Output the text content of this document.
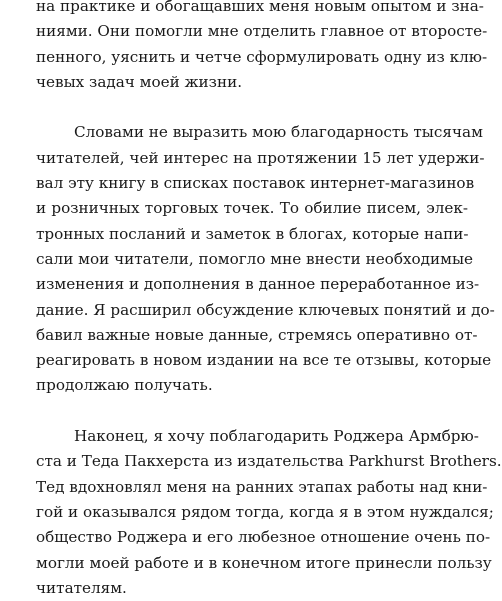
на практике и обогащавших меня новым опытом и зна-
ниями. Они помогли мне отделить главное от второсте-
пенного, уяснить и четче сформулировать одну из клю-
чевых задач моей жизни.
Словами не выразить мою благодарность тысячам
читателей, чей интерес на протяжении 15 лет удержи-
вал эту книгу в списках поставок интернет-магазинов
и розничных торговых точек. То обилие писем, элек-
тронных посланий и заметок в блогах, которые напи-
сали мои читатели, помогло мне внести необходимые
изменения и дополнения в данное переработанное из-
дание. Я расширил обсуждение ключевых понятий и до-
бавил важные новые данные, стремясь оперативно от-
реагировать в новом издании на все те отзывы, которые
продолжаю получать.
Наконец, я хочу поблагодарить Роджера Армбрю-
ста и Теда Пакхерста из издательства Parkhurst Brothers.
Тед вдохновлял меня на ранних этапах работы над кни-
гой и оказывался рядом тогда, когда я в этом нуждался;
общество Роджера и его любезное отношение очень по-
могли моей работе и в конечном итоге принесли пользу
читателям.
